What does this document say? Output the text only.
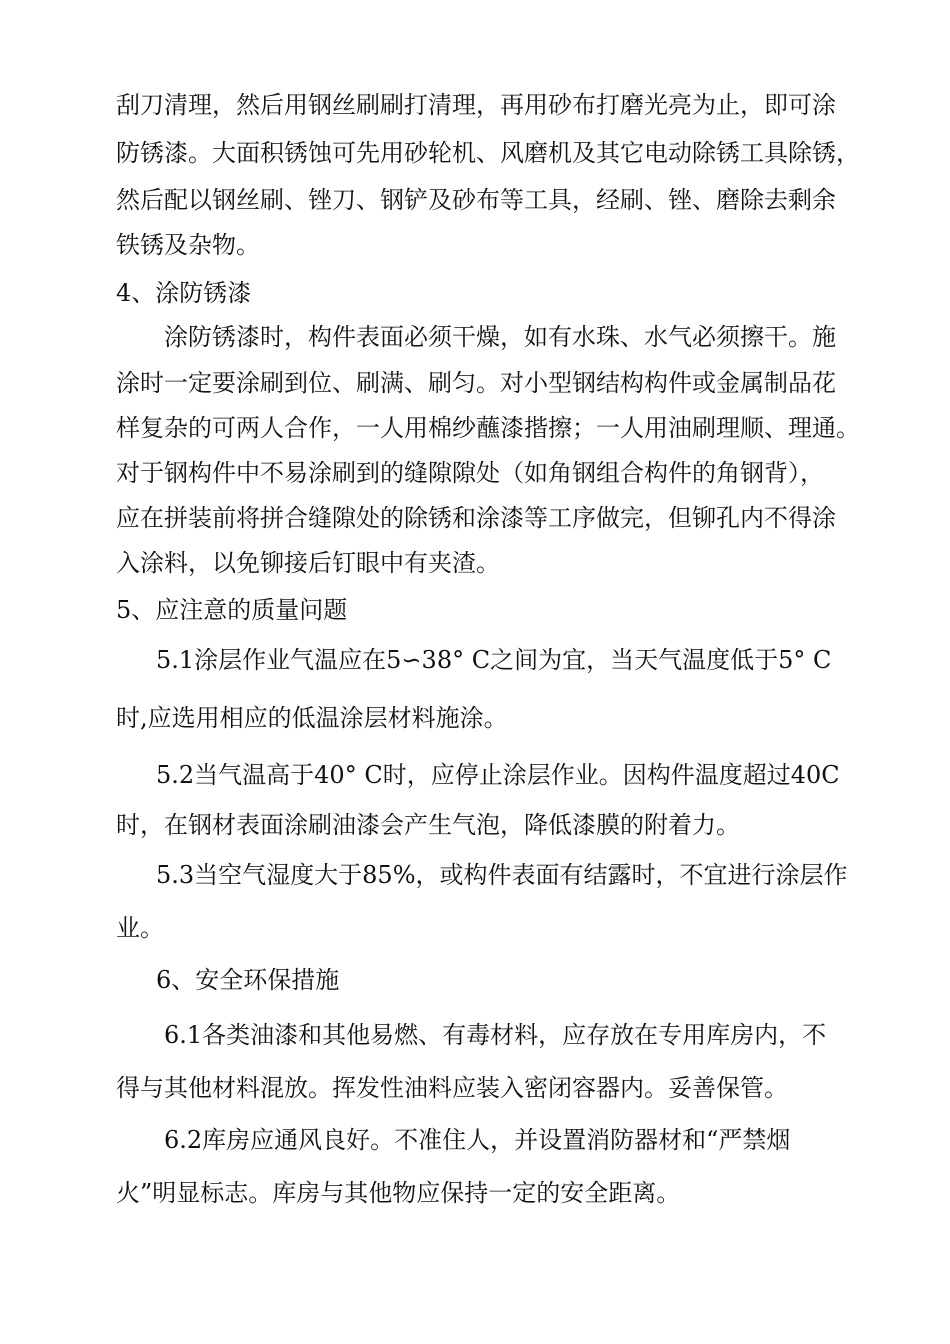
刮刀清理，然后用钢丝刷刷打清理，再用砂布打磨光亮为止，即可涂
防锈漆。大面积锈蚀可先用砂轮机、风磨机及其它电动除锈工具除锈，
然后配以钢丝刷、锉刀、钢铲及砂布等工具，经刷、锉、磨除去剩余
铁锈及杂物。
4、涂防锈漆
涂防锈漆时，构件表面必须干燥，如有水珠、水气必须擦干。施
涂时一定要涂刷到位、刷满、刷匀。对小型钢结构构件或金属制品花
样复杂的可两人合作，一人用棉纱蘸漆揩擦；一人用油刷理顺、理通。
对于钢构件中不易涂刷到的缝隙隙处（如角钢组合构件的角钢背），
应在拼装前将拼合缝隙处的除锈和涂漆等工序做完，但铆孔内不得涂
入涂料，以免铆接后钉眼中有夹渣。
5、应注意的质量问题
5.1涂层作业气温应在5∽38° C之间为宜，当天气温度低于5° C
时,应选用相应的低温涂层材料施涂。
5.2当气温高于40° C时，应停止涂层作业。因构件温度超过40C
时，在钢材表面涂刷油漆会产生气泡，降低漆膜的附着力。
5.3当空气湿度大于85%，或构件表面有结露时，不宜进行涂层作
业。
6、安全环保措施
6.1各类油漆和其他易燃、有毒材料，应存放在专用库房内，不
得与其他材料混放。挥发性油料应装入密闭容器内。妥善保管。
6.2库房应通风良好。不准住人，并设置消防器材和“严禁烟
火”明显标志。库房与其他物应保持一定的安全距离。
